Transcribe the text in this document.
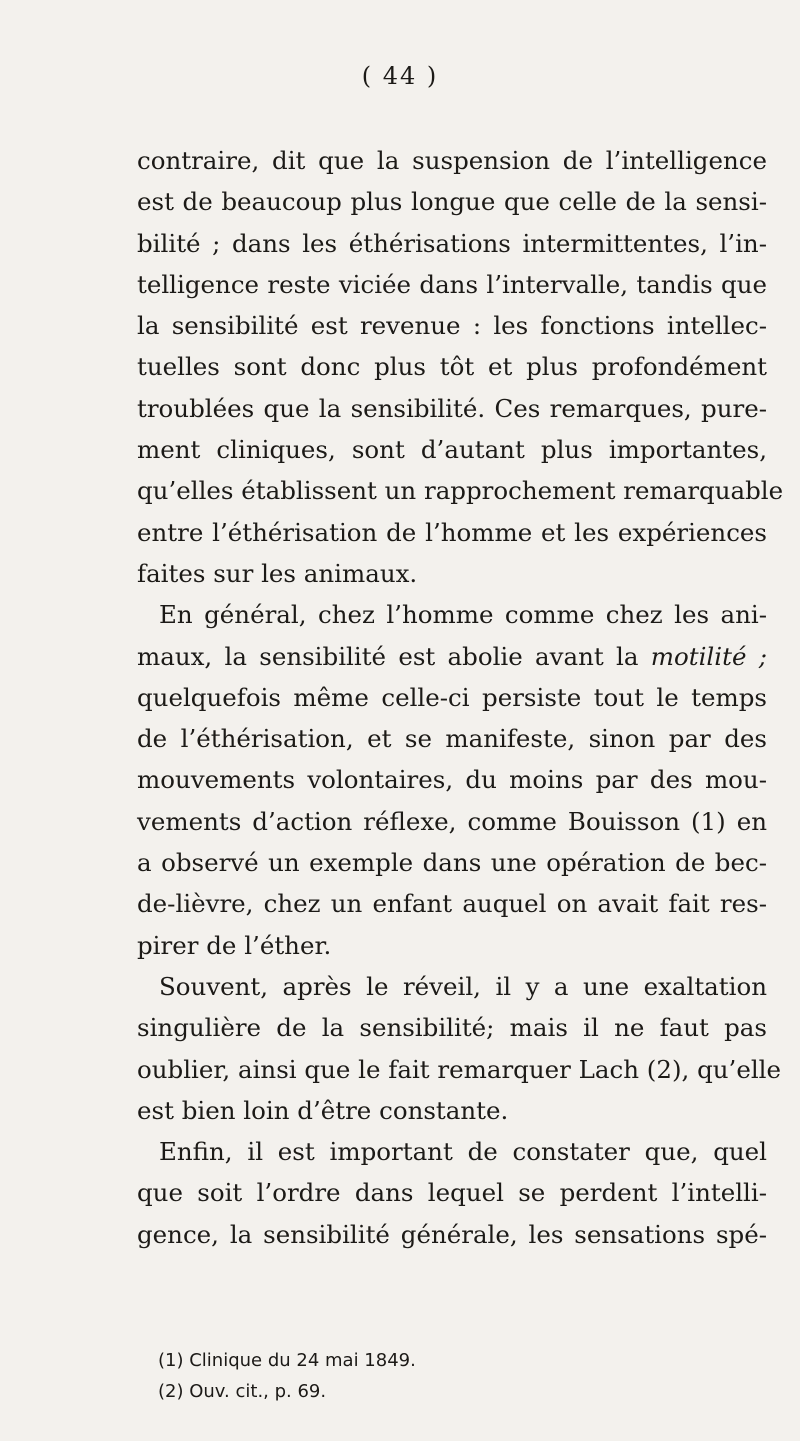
( 44 )
contraire, dit que la suspension de l’intelligence
est de beaucoup plus longue que celle de la sensi-
bilité ; dans les éthérisations intermittentes, l’in-
telligence reste viciée dans l’intervalle, tandis que
la sensibilité est revenue : les fonctions intellec-
tuelles sont donc plus tôt et plus profondément
troublées que la sensibilité. Ces remarques, pure-
ment cliniques, sont d’autant plus importantes,
qu’elles établissent un rapprochement remarquable
entre l’éthérisation de l’homme et les expériences
faites sur les animaux.
En général, chez l’homme comme chez les ani-
maux, la sensibilité est abolie avant la motilité ;
quelquefois même celle-ci persiste tout le temps
de l’éthérisation, et se manifeste, sinon par des
mouvements volontaires, du moins par des mou-
vements d’action réflexe, comme Bouisson (1) en
a observé un exemple dans une opération de bec-
de-lièvre, chez un enfant auquel on avait fait res-
pirer de l’éther.
Souvent, après le réveil, il y a une exaltation
singulière de la sensibilité; mais il ne faut pas
oublier, ainsi que le fait remarquer Lach (2), qu’elle
est bien loin d’être constante.
Enfin, il est important de constater que, quel
que soit l’ordre dans lequel se perdent l’intelli-
gence, la sensibilité générale, les sensations spé-
(1) Clinique du 24 mai 1849.
(2) Ouv. cit., p. 69.
